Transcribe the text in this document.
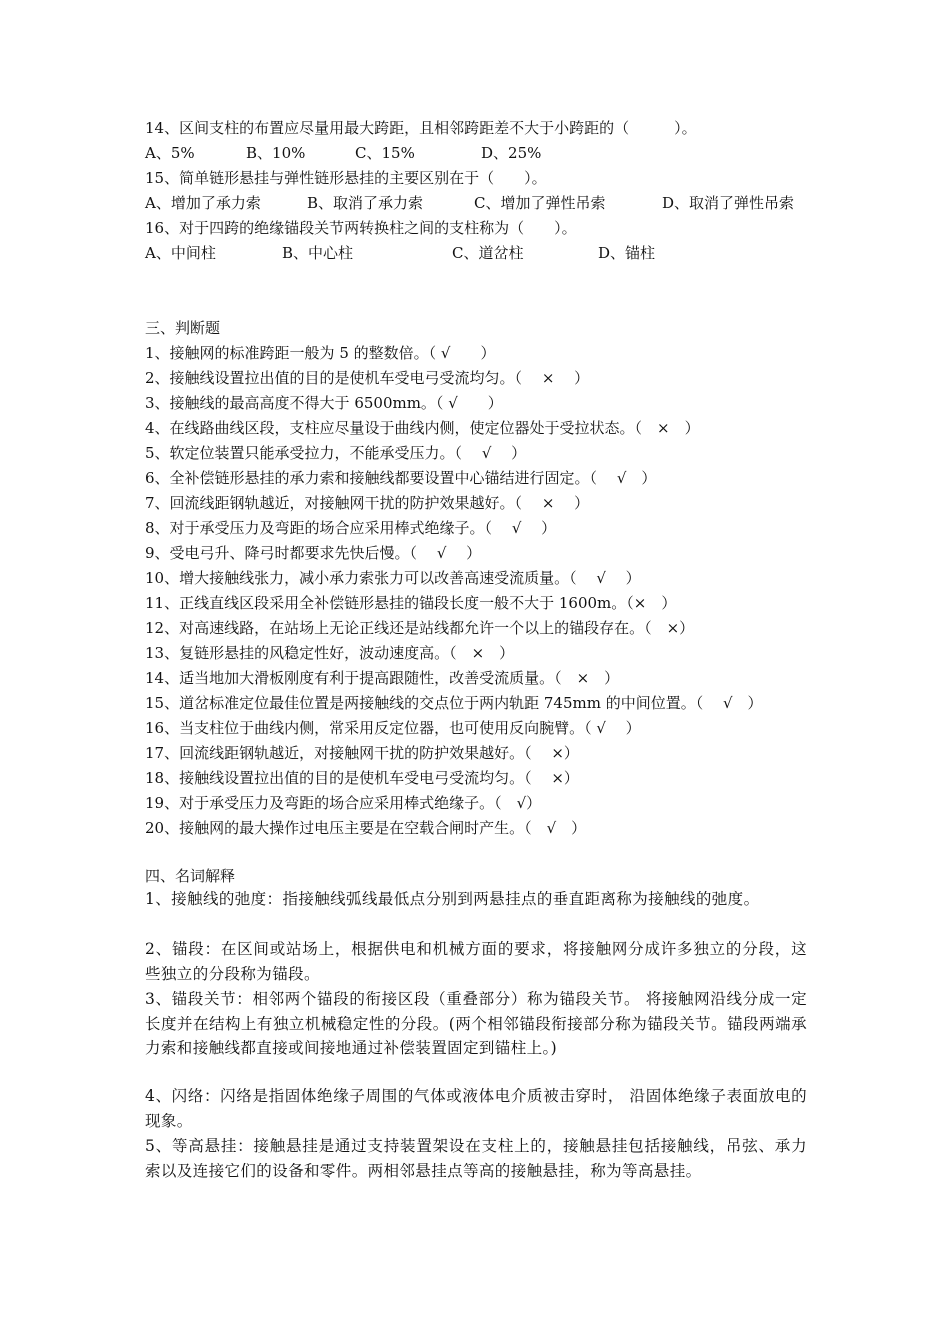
14、区间支柱的布置应尽量用最大跨距，且相邻跨距差不大于小跨距的（　　　）。
A、5%	B、10%	C、15%	D、25%
15、简单链形悬挂与弹性链形悬挂的主要区别在于（　　）。
A、增加了承力索	B、取消了承力索	C、增加了弹性吊索	D、取消了弹性吊索
16、对于四跨的绝缘锚段关节两转换柱之间的支柱称为（　　）。
A、中间柱	B、中心柱	C、道岔柱	D、锚柱
三、判断题
1、接触网的标准跨距一般为 5 的整数倍。（ √　　）
2、接触线设置拉出值的目的是使机车受电弓受流均匀。（　 ×　 ）
3、接触线的最高高度不得大于 6500mm。（ √　　）
4、在线路曲线区段，支柱应尽量设于曲线内侧，使定位器处于受拉状态。（　×　）
5、软定位装置只能承受拉力，不能承受压力。（　 √　 ）
6、全补偿链形悬挂的承力索和接触线都要设置中心锚结进行固定。（　 √　）
7、回流线距钢轨越近，对接触网干扰的防护效果越好。（　 ×　 ）
8、对于承受压力及弯距的场合应采用棒式绝缘子。（　 √　 ）
9、受电弓升、降弓时都要求先快后慢。（　 √　 ）
10、增大接触线张力，减小承力索张力可以改善高速受流质量。（　 √　 ）
11、正线直线区段采用全补偿链形悬挂的锚段长度一般不大于 1600m。（×　）
12、对高速线路，在站场上无论正线还是站线都允许一个以上的锚段存在。（　×）
13、复链形悬挂的风稳定性好，波动速度高。（　×　）
14、适当地加大滑板刚度有利于提高跟随性，改善受流质量。（　×　）
15、道岔标准定位最佳位置是两接触线的交点位于两内轨距 745mm 的中间位置。（　 √　）
16、当支柱位于曲线内侧，常采用反定位器，也可使用反向腕臂。（ √　 ）
17、回流线距钢轨越近，对接触网干扰的防护效果越好。（　 ×）
18、接触线设置拉出值的目的是使机车受电弓受流均匀。（　 ×）
19、对于承受压力及弯距的场合应采用棒式绝缘子。（　√）
20、接触网的最大操作过电压主要是在空载合闸时产生。（　√　）
四、名词解释
1、接触线的弛度：指接触线弧线最低点分别到两悬挂点的垂直距离称为接触线的弛度。
2、锚段：在区间或站场上，根据供电和机械方面的要求，将接触网分成许多独立的分段，这些独立的分段称为锚段。
3、锚段关节：相邻两个锚段的衔接区段（重叠部分）称为锚段关节。 将接触网沿线分成一定长度并在结构上有独立机械稳定性的分段。(两个相邻锚段衔接部分称为锚段关节。锚段两端承力索和接触线都直接或间接地通过补偿装置固定到锚柱上。)
4、闪络：闪络是指固体绝缘子周围的气体或液体电介质被击穿时， 沿固体绝缘子表面放电的现象。
5、等高悬挂：接触悬挂是通过支持装置架设在支柱上的，接触悬挂包括接触线，吊弦、承力索以及连接它们的设备和零件。两相邻悬挂点等高的接触悬挂，称为等高悬挂。
